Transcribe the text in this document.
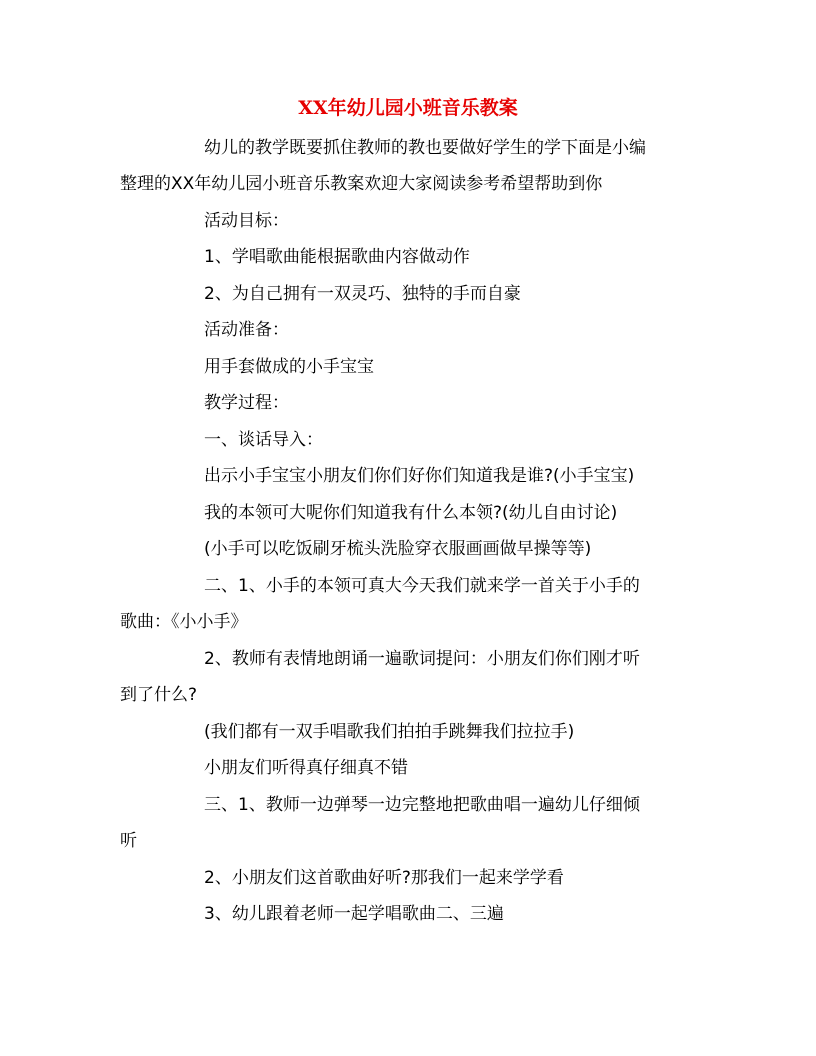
XX年幼儿园小班音乐教案
幼儿的教学既要抓住教师的教也要做好学生的学下面是小编
整理的XX年幼儿园小班音乐教案欢迎大家阅读参考希望帮助到你
活动目标：
1、学唱歌曲能根据歌曲内容做动作
2、为自己拥有一双灵巧、独特的手而自豪
活动准备：
用手套做成的小手宝宝
教学过程：
一、谈话导入：
出示小手宝宝小朋友们你们好你们知道我是谁?(小手宝宝)
我的本领可大呢你们知道我有什么本领?(幼儿自由讨论)
(小手可以吃饭刷牙梳头洗脸穿衣服画画做早操等等)
二、1、小手的本领可真大今天我们就来学一首关于小手的
歌曲：《小小手》
2、教师有表情地朗诵一遍歌词提问：小朋友们你们刚才听
到了什么?
(我们都有一双手唱歌我们拍拍手跳舞我们拉拉手)
小朋友们听得真仔细真不错
三、1、教师一边弹琴一边完整地把歌曲唱一遍幼儿仔细倾
听
2、小朋友们这首歌曲好听?那我们一起来学学看
3、幼儿跟着老师一起学唱歌曲二、三遍
